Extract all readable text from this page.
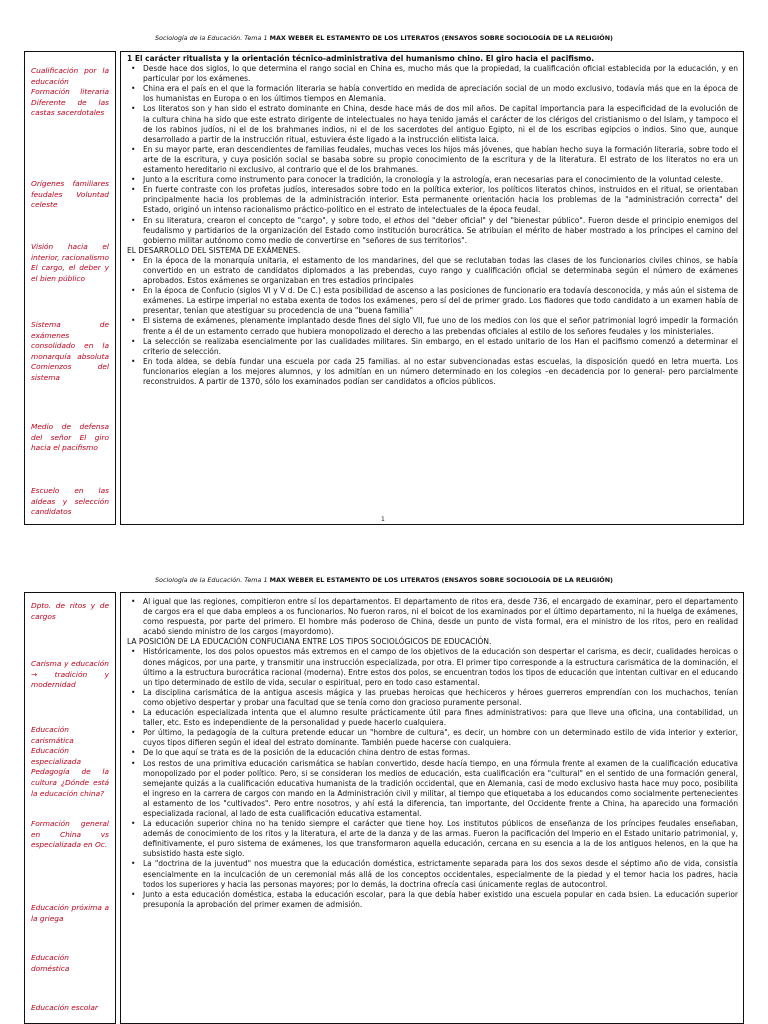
Sociología de la Educación. Tema 1 MAX WEBER EL ESTAMENTO DE LOS LITERATOS (ENSAYOS SOBRE SOCIOLOGÍA DE LA RELIGIÓN)
Cualificación por la educación Formación literaria Diferente de las castas sacerdotales
Orígenes familiares feudales Voluntad celeste
Visión hacia el interior, racionalismo El cargo, el deber y el bien público
Sistema de exámenes consolidado en la monarquía absoluta Comienzos del sistema
Medio de defensa del señor El giro hacia el pacifismo
Escuelo en las aldeas y selección candidatos

1 El carácter ritualista y la orientación técnico-administrativa del humanismo chino. El giro hacia el pacifismo.

• Desde hace dos siglos, lo que determina el rango social en China es, mucho más que la propiedad, la cualificación oficial establecida por la educación, y en particular por los exámenes.
• China era el país en el que la formación literaria se había convertido en medida de apreciación social de un modo exclusivo, todavía más que en la época de los humanistas en Europa o en los últimos tiempos en Alemania.
• Los literatos son y han sido el estrato dominante en China, desde hace más de dos mil años. De capital importancia para la especificidad de la evolución de la cultura china ha sido que este estrato dirigente de intelectuales no haya tenido jamás el carácter de los clérigos del cristianismo o del Islam, y tampoco el de los rabinos judíos, ni el de los brahmanes indios, ni el de los sacerdotes del antiguo Egipto, ni el de los escribas egipcios o indios. Sino que, aunque desarrollado a partir de la instrucción ritual, estuviera éste ligado a la instrucción elitista laica.
• En su mayor parte, eran descendientes de familias feudales, muchas veces los hijos más jóvenes, que habían hecho suya la formación literaria, sobre todo el arte de la escritura, y cuya posición social se basaba sobre su propio conocimiento de la escritura y de la literatura. El estrato de los literatos no era un estamento hereditario ni exclusivo, al contrario que el de los brahmanes.
• Junto a la escritura como instrumento para conocer la tradición, la cronología y la astrología, eran necesarias para el conocimiento de la voluntad celeste.
• En fuerte contraste con los profetas judíos, interesados sobre todo en la política exterior, los políticos literatos chinos, instruidos en el ritual, se orientaban principalmente hacia los problemas de la administración interior. Esta permanente orientación hacia los problemas de la "administración correcta" del Estado, originó un intenso racionalismo práctico-político en el estrato de intelectuales de la época feudal.
• En su literatura, crearon el concepto de "cargo", y sobre todo, el ethos del "deber oficial" y del "bienestar público". Fueron desde el principio enemigos del feudalismo y partidarios de la organización del Estado como institución burocrática. Se atribuían el mérito de haber mostrado a los príncipes el camino del gobierno militar autónomo como medio de convertirse en "señores de sus territorios".

EL DESARROLLO DEL SISTEMA DE EXÁMENES.

• En la época de la monarquía unitaria, el estamento de los mandarines, del que se reclutaban todas las clases de los funcionarios civiles chinos, se había convertido en un estrato de candidatos diplomados a las prebendas, cuyo rango y cualificación oficial se determinaba según el número de exámenes aprobados. Estos exámenes se organizaban en tres estadios principales
• En la época de Confucio (siglos VI y V d. De C.) esta posibilidad de ascenso a las posiciones de funcionario era todavía desconocida, y más aún el sistema de exámenes. La estirpe imperial no estaba exenta de todos los exámenes, pero sí del de primer grado. Los fiadores que todo candidato a un examen había de presentar, tenían que atestiguar su procedencia de una "buena familia"
• El sistema de exámenes, plenamente implantado desde fines del siglo VII, fue uno de los medios con los que el señor patrimonial logró impedir la formación frente a él de un estamento cerrado que hubiera monopolizado el derecho a las prebendas oficiales al estilo de los señores feudales y los ministeriales.
• La selección se realizaba esencialmente por las cualidades militares. Sin embargo, en el estado unitario de los Han el pacifismo comenzó a determinar el criterio de selección.
• En toda aldea, se debía fundar una escuela por cada 25 familias. al no estar subvencionadas estas escuelas, la disposición quedó en letra muerta. Los funcionarios elegían a los mejores alumnos, y los admitían en un número determinado en los colegios –en decadencia por lo general- pero parcialmente reconstruidos. A partir de 1370, sólo los examinados podían ser candidatos a oficios públicos.
1
Sociología de la Educación. Tema 1 MAX WEBER EL ESTAMENTO DE LOS LITERATOS (ENSAYOS SOBRE SOCIOLOGÍA DE LA RELIGIÓN)
Dpto. de ritos y de cargos
Carisma y educación → tradición y modernidad
Educación carismática Educación especializada Pedagogía de la cultura ¿Dónde está la educación china?
Formación general en China vs especializada en Oc.
Educación próxima a la griega
Educación doméstica
Educación escolar
• Al igual que las regiones, compitieron entre sí los departamentos. El departamento de ritos era, desde 736, el encargado de examinar, pero el departamento de cargos era el que daba empleos a os funcionarios. No fueron raros, ni el boicot de los examinados por el último departamento, ni la huelga de exámenes, como respuesta, por parte del primero. El hombre más poderoso de China, desde un punto de vista formal, era el ministro de los ritos, pero en realidad acabó siendo ministro de los cargos (mayordomo).

LA POSICIÓN DE LA EDUCACIÓN CONFUCIANA ENTRE LOS TIPOS SOCIOLÓGICOS DE EDUCACIÓN.

• Históricamente, los dos polos opuestos más extremos en el campo de los objetivos de la educación son despertar el carisma, es decir, cualidades heroicas o dones mágicos, por una parte, y transmitir una instrucción especializada, por otra. El primer tipo corresponde a la estructura carismática de la dominación, el último a la estructura burocrática racional (moderna). Entre estos dos polos, se encuentran todos los tipos de educación que intentan cultivar en el educando un tipo determinado de estilo de vida, secular o espiritual, pero en todo caso estamental.
• La disciplina carismática de la antigua ascesis mágica y las pruebas heroicas que hechiceros y héroes guerreros emprendían con los muchachos, tenían como objetivo despertar y probar una facultad que se tenía como don gracioso puramente personal.
• La educación especializada intenta que el alumno resulte prácticamente útil para fines administrativos: para que lleve una oficina, una contabilidad, un taller, etc. Esto es independiente de la personalidad y puede hacerlo cualquiera.
• Por último, la pedagogía de la cultura pretende educar un "hombre de cultura", es decir, un hombre con un determinado estilo de vida interior y exterior, cuyos tipos difieren según el ideal del estrato dominante. También puede hacerse con cualquiera.
• De lo que aquí se trata es de la posición de la educación china dentro de estas formas.
• Los restos de una primitiva educación carismática se habían convertido, desde hacía tiempo, en una fórmula frente al examen de la cualificación educativa monopolizado por el poder político. Pero, si se consideran los medios de educación, esta cualificación era "cultural" en el sentido de una formación general, semejante quizás a la cualificación educativa humanista de la tradición occidental, que en Alemania, casi de modo exclusivo hasta hace muy poco, posibilita el ingreso en la carrera de cargos con mando en la Administración civil y militar, al tiempo que etiquetaba a los educandos como socialmente pertenecientes al estamento de los "cultivados". Pero entre nosotros, y ahí está la diferencia, tan importante, del Occidente frente a China, ha aparecido una formación especializada racional, al lado de esta cualificación educativa estamental.
• La educación superior china no ha tenido siempre el carácter que tiene hoy. Los institutos públicos de enseñanza de los príncipes feudales enseñaban, además de conocimiento de los ritos y la literatura, el arte de la danza y de las armas. Fueron la pacificación del Imperio en el Estado unitario patrimonial, y, definitivamente, el puro sistema de exámenes, los que transformaron aquella educación, cercana en su esencia a la de los antiguos helenos, en la que ha subsistido hasta este siglo.
• La "doctrina de la juventud" nos muestra que la educación doméstica, estrictamente separada para los dos sexos desde el séptimo año de vida, consistía esencialmente en la inculcación de un ceremonial más allá de los conceptos occidentales, especialmente de la piedad y el temor hacia los padres, hacia todos los superiores y hacia las personas mayores; por lo demás, la doctrina ofrecía casi únicamente reglas de autocontrol.
• Junto a esta educación doméstica, estaba la educación escolar, para la que debía haber existido una escuela popular en cada bsien. La educación superior presuponía la aprobación del primer examen de admisión.
